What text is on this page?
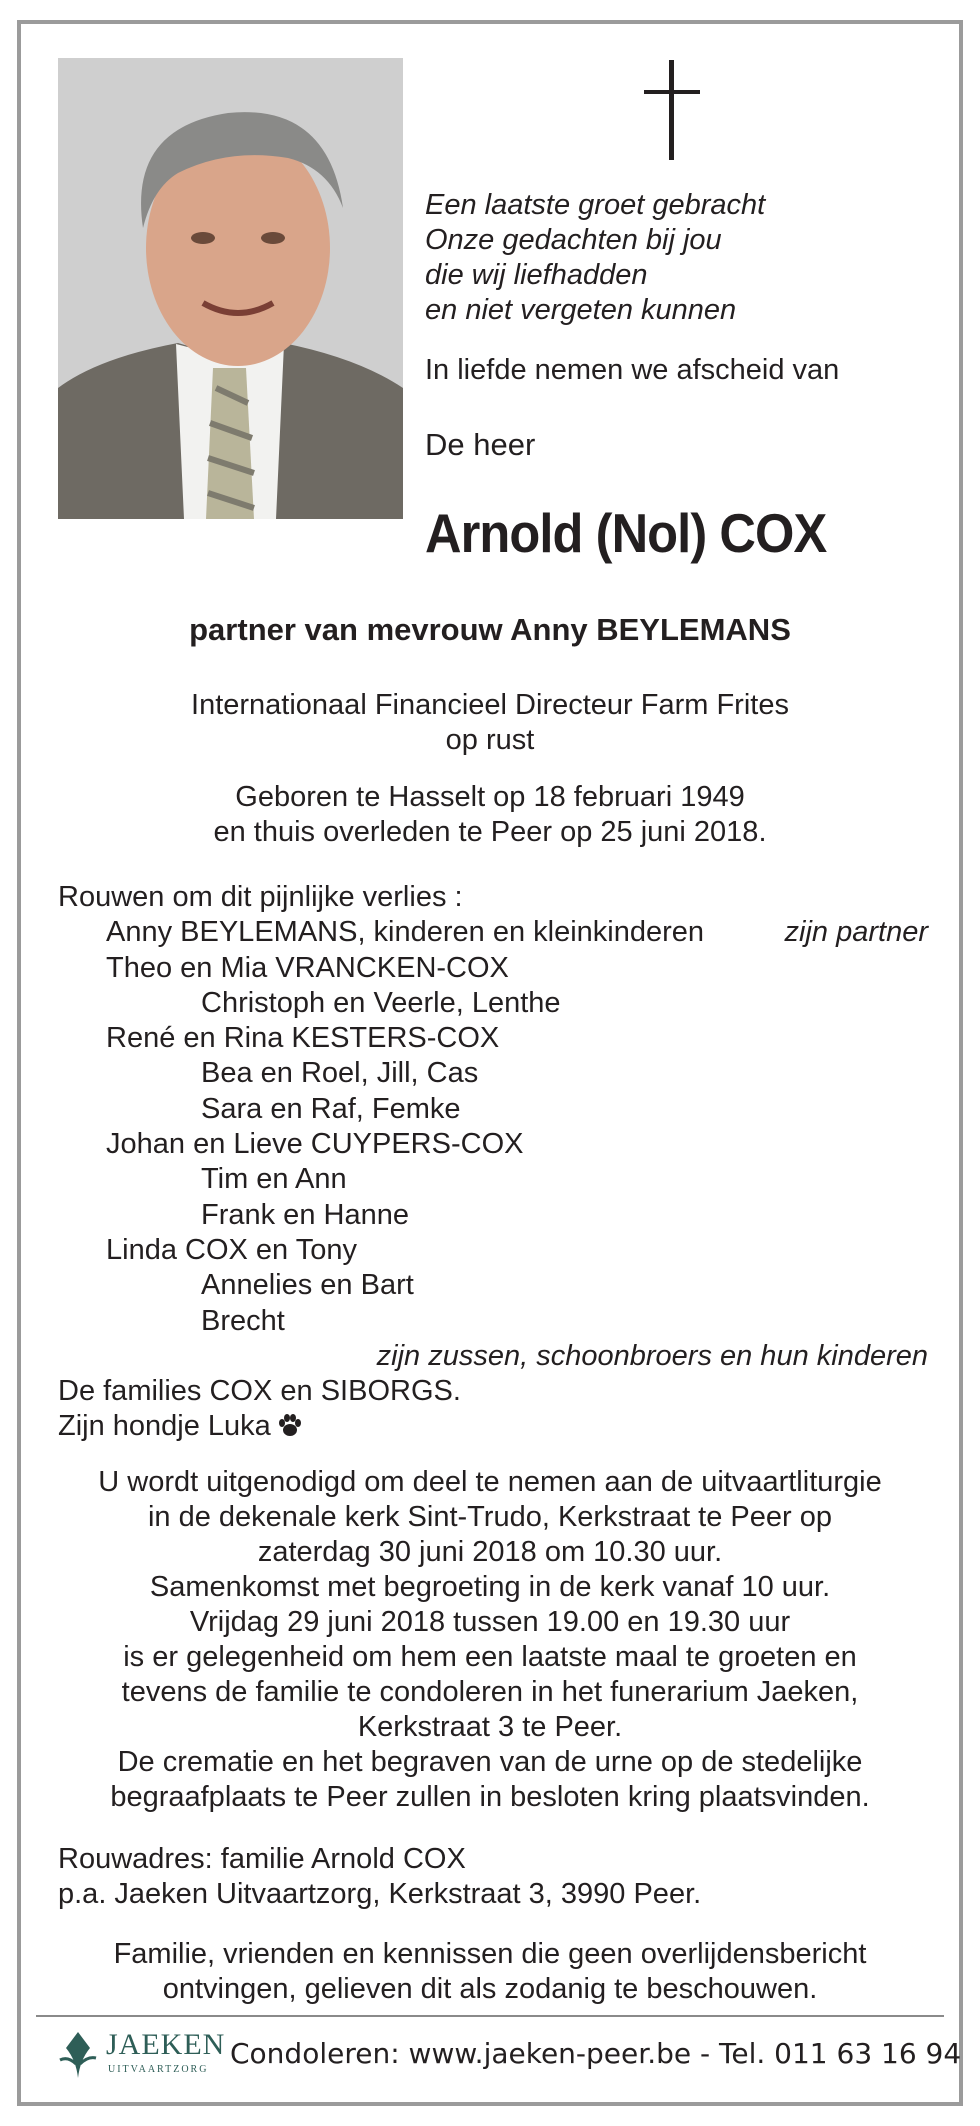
Een laatste groet gebracht
Onze gedachten bij jou
die wij liefhadden
en niet vergeten kunnen
In liefde nemen we afscheid van
De heer
Arnold (Nol) COX
partner van mevrouw Anny BEYLEMANS
Internationaal Financieel Directeur Farm Frites
op rust
Geboren te Hasselt op 18 februari 1949
en thuis overleden te Peer op 25 juni 2018.
Rouwen om dit pijnlijke verlies :
Anny BEYLEMANS, kinderen en kleinkinderen	zijn partner
Theo en Mia VRANCKEN-COX
Christoph en Veerle, Lenthe
René en Rina KESTERS-COX
Bea en Roel, Jill, Cas
Sara en Raf, Femke
Johan en Lieve CUYPERS-COX
Tim en Ann
Frank en Hanne
Linda COX en Tony
Annelies en Bart
Brecht
zijn zussen, schoonbroers en hun kinderen
De families COX en SIBORGS.
Zijn hondje Luka
U wordt uitgenodigd om deel te nemen aan de uitvaartliturgie
in de dekenale kerk Sint-Trudo, Kerkstraat te Peer op
zaterdag 30 juni 2018 om 10.30 uur.
Samenkomst met begroeting in de kerk vanaf 10 uur.
Vrijdag 29 juni 2018 tussen 19.00 en 19.30 uur
is er gelegenheid om hem een laatste maal te groeten en
tevens de familie te condoleren in het funerarium Jaeken,
Kerkstraat 3 te Peer.
De crematie en het begraven van de urne op de stedelijke
begraafplaats te Peer zullen in besloten kring plaatsvinden.
Rouwadres: familie Arnold COX
p.a. Jaeken Uitvaartzorg, Kerkstraat 3, 3990 Peer.
Familie, vrienden en kennissen die geen overlijdensbericht
ontvingen, gelieven dit als zodanig te beschouwen.
JAEKEN
UITVAARTZORG Condoleren: www.jaeken-peer.be - Tel. 011 63 16 94
